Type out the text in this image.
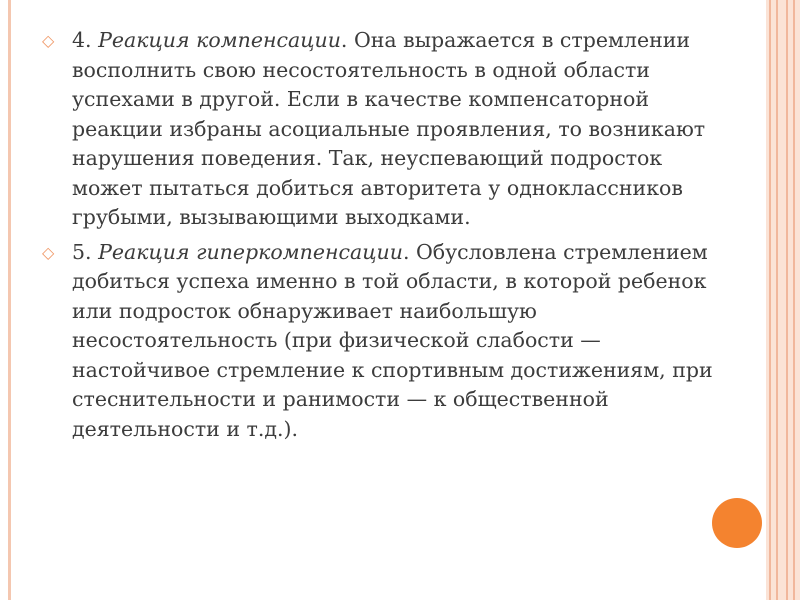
◇ 4. Реакция компенсации. Она выражается в стремлении восполнить свою несостоятельность в одной области успехами в другой. Если в качестве компенсаторной реакции избраны асоциальные проявления, то возникают нарушения поведения. Так, неуспевающий подросток может пытаться добиться авторитета у одноклассников грубыми, вызывающими выходками.

◇ 5. Реакция гиперкомпенсации. Обусловлена стремлением добиться успеха именно в той области, в которой ребенок или подросток обнаруживает наибольшую несостоятельность (при физической слабости — настойчивое стремление к спортивным достижениям, при стеснительности и ранимости — к общественной деятельности и т.д.).
